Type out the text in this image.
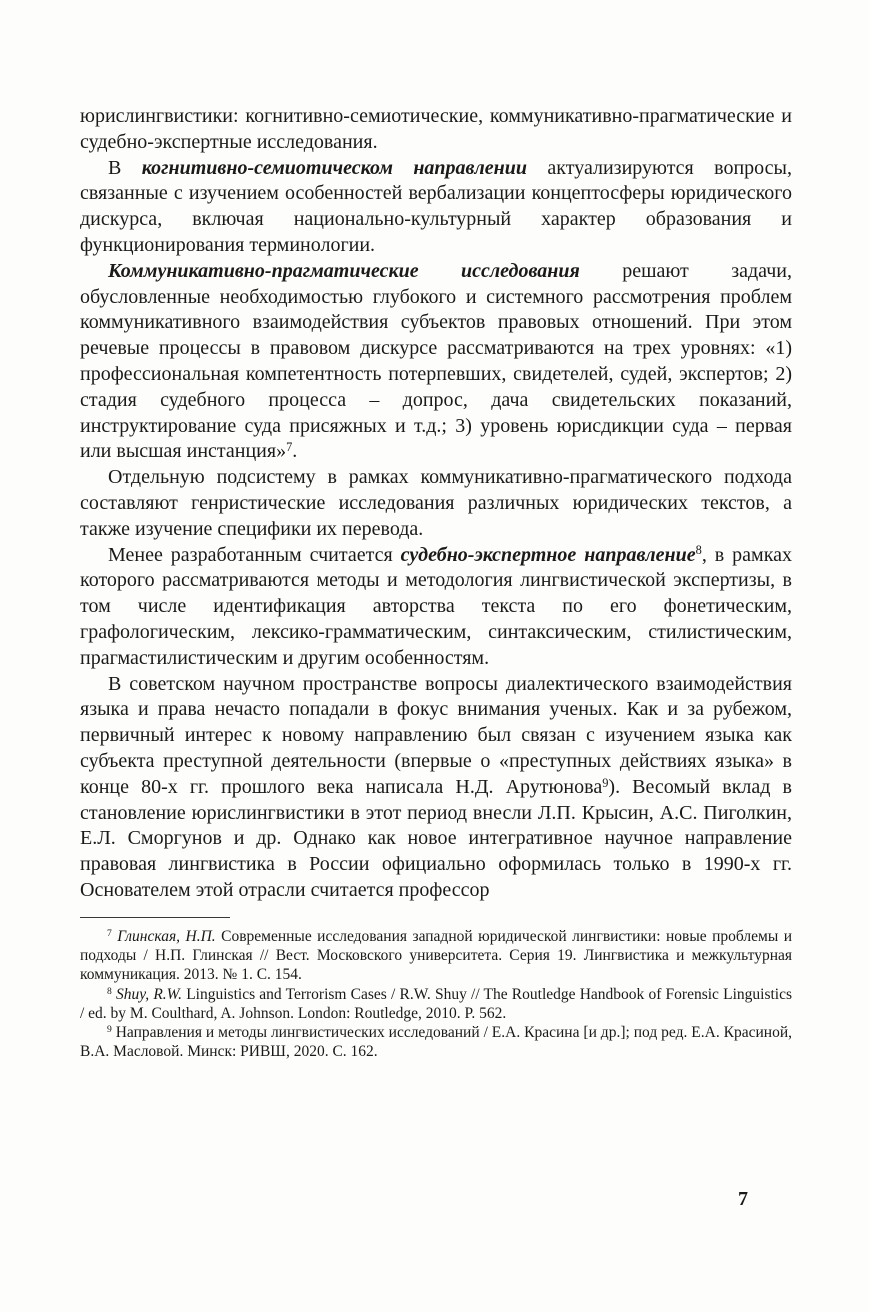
юрислингвистики: когнитивно-семиотические, коммуникативно-прагматические и судебно-экспертные исследования.

В когнитивно-семиотическом направлении актуализируются вопросы, связанные с изучением особенностей вербализации концептосферы юридического дискурса, включая национально-культурный характер образования и функционирования терминологии.

Коммуникативно-прагматические исследования решают задачи, обусловленные необходимостью глубокого и системного рассмотрения проблем коммуникативного взаимодействия субъектов правовых отношений. При этом речевые процессы в правовом дискурсе рассматриваются на трех уровнях: «1) профессиональная компетентность потерпевших, свидетелей, судей, экспертов; 2) стадия судебного процесса – допрос, дача свидетельских показаний, инструктирование суда присяжных и т.д.; 3) уровень юрисдикции суда – первая или высшая инстанция»$^7$.

Отдельную подсистему в рамках коммуникативно-прагматического подхода составляют генристические исследования различных юридических текстов, а также изучение специфики их перевода.

Менее разработанным считается судебно-экспертное направление$^8$, в рамках которого рассматриваются методы и методология лингвистической экспертизы, в том числе идентификация авторства текста по его фонетическим, графологическим, лексико-грамматическим, синтаксическим, стилистическим, прагмастилистическим и другим особенностям.

В советском научном пространстве вопросы диалектического взаимодействия языка и права нечасто попадали в фокус внимания ученых. Как и за рубежом, первичный интерес к новому направлению был связан с изучением языка как субъекта преступной деятельности (впервые о «преступных действиях языка» в конце 80-х гг. прошлого века написала Н.Д. Арутюнова$^9$). Весомый вклад в становление юрислингвистики в этот период внесли Л.П. Крысин, А.С. Пиголкин, Е.Л. Сморгунов и др. Однако как новое интегративное научное направление правовая лингвистика в России официально оформилась только в 1990-х гг. Основателем этой отрасли считается профессор

$^7$ Глинская, Н.П. Современные исследования западной юридической лингвистики: новые проблемы и подходы / Н.П. Глинская // Вест. Московского университета. Серия 19. Лингвистика и межкультурная коммуникация. 2013. № 1. С. 154.

$^8$ Shuy, R.W. Linguistics and Terrorism Cases / R.W. Shuy // The Routledge Handbook of Forensic Linguistics / ed. by M. Coulthard, A. Johnson. London: Routledge, 2010. P. 562.

$^9$ Направления и методы лингвистических исследований / Е.А. Красина [и др.]; под ред. Е.А. Красиной, В.А. Масловой. Минск: РИВШ, 2020. С. 162.

7
